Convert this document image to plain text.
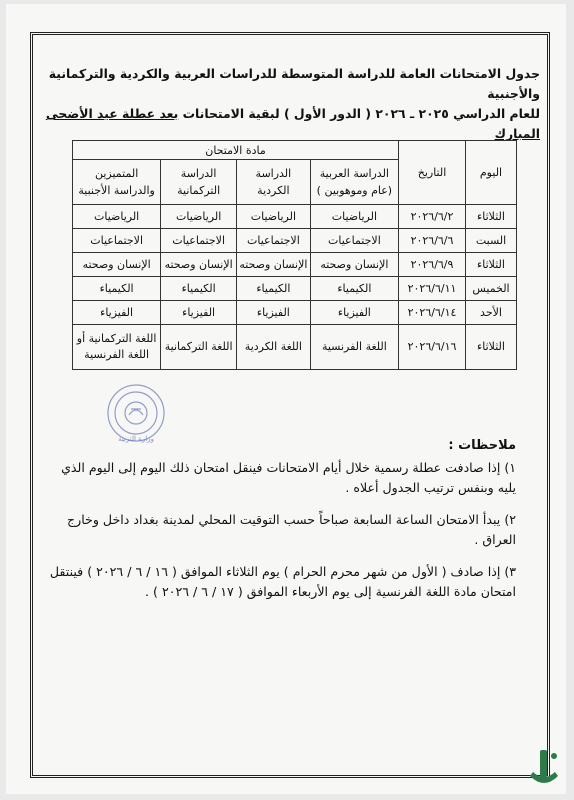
جدول الامتحانات العامة للدراسة المتوسطة للدراسات العربية والكردية والتركمانية والأجنبية
للعام الدراسي ٢٠٢٥ ـ ٢٠٢٦ ( الدور الأول ) لبقية الامتحانات بعد عطلة عيد الأضحى المبارك
اليوم	التاريخ	مادة الامتحان			
		الدراسة العربية (عام وموهوبين )	الدراسة الكردية	الدراسة التركمانية	المتميزين والدراسة الأجنبية
الثلاثاء	٢٠٢٦/٦/٢	الرياضيات	الرياضيات	الرياضيات	الرياضيات
السبت	٢٠٢٦/٦/٦	الاجتماعيات	الاجتماعيات	الاجتماعيات	الاجتماعيات
الثلاثاء	٢٠٢٦/٦/٩	الإنسان وصحته	الإنسان وصحته	الإنسان وصحته	الإنسان وصحته
الخميس	٢٠٢٦/٦/١١	الكيمياء	الكيمياء	الكيمياء	الكيمياء
الأحد	٢٠٢٦/٦/١٤	الفيزياء	الفيزياء	الفيزياء	الفيزياء
الثلاثاء	٢٠٢٦/٦/١٦	اللغة الفرنسية	اللغة الكردية	اللغة التركمانية	اللغة التركمانية أو اللغة الفرنسية
وزارة التربية	ملاحظات :

١) إذا صادفت عطلة رسمية خلال أيام الامتحانات فينقل امتحان ذلك اليوم إلى اليوم الذي يليه وبنفس ترتيب الجدول أعلاه .

٢) يبدأ الامتحان الساعة السابعة صباحاً حسب التوقيت المحلي لمدينة بغداد داخل وخارج العراق .

٣) إذا صادف ( الأول من شهر محرم الحرام ) يوم الثلاثاء الموافق ( ١٦ / ٦ / ٢٠٢٦ ) فينتقل امتحان مادة اللغة الفرنسية إلى يوم الأربعاء الموافق ( ١٧ / ٦ / ٢٠٢٦ ) .
